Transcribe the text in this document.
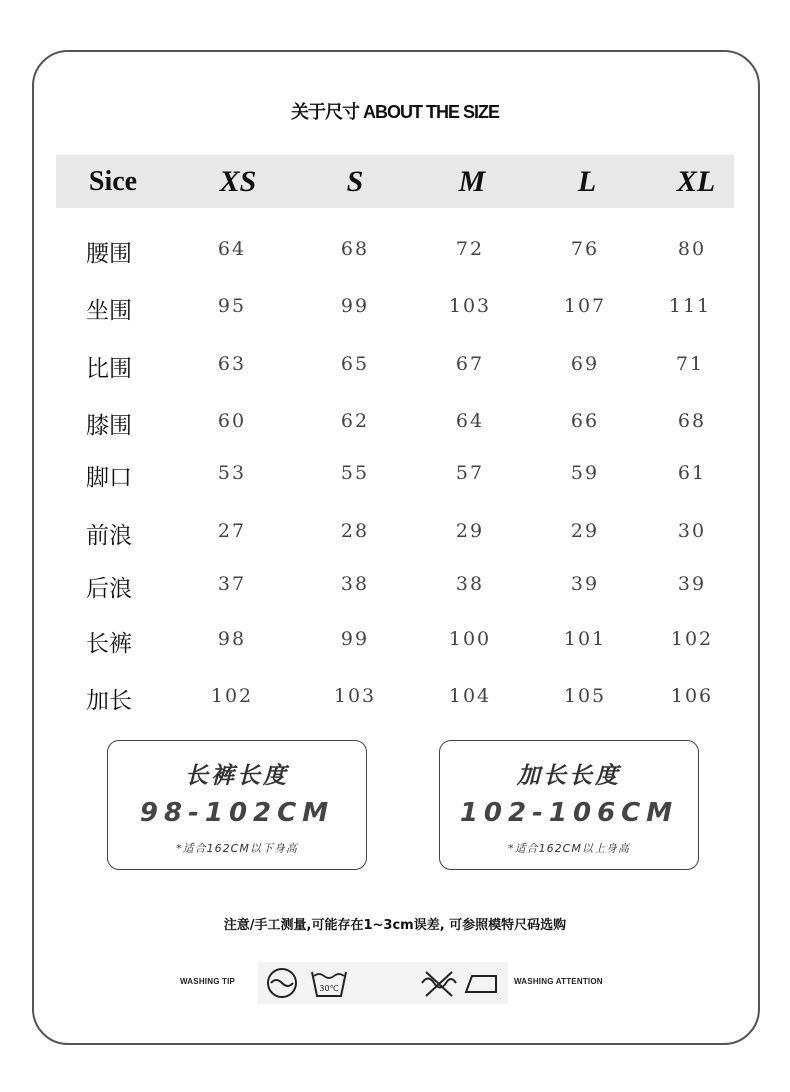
关于尺寸 ABOUT THE SIZE
Sice	XS	S	M	L	XL
腰围	64	68	72	76	80
坐围	95	99	103	107	111
比围	63	65	67	69	71
膝围	60	62	64	66	68
脚口	53	55	57	59	61
前浪	27	28	29	29	30
后浪	37	38	38	39	39
长裤	98	99	100	101	102
加长	102	103	104	105	106
长裤长度
98-102CM
*适合162CM以下身高
加长长度
102-106CM
*适合162CM以上身高
注意/手工测量,可能存在1~3cm误差, 可参照模特尺码选购
WASHING TIP
30℃
WASHING ATTENTION
